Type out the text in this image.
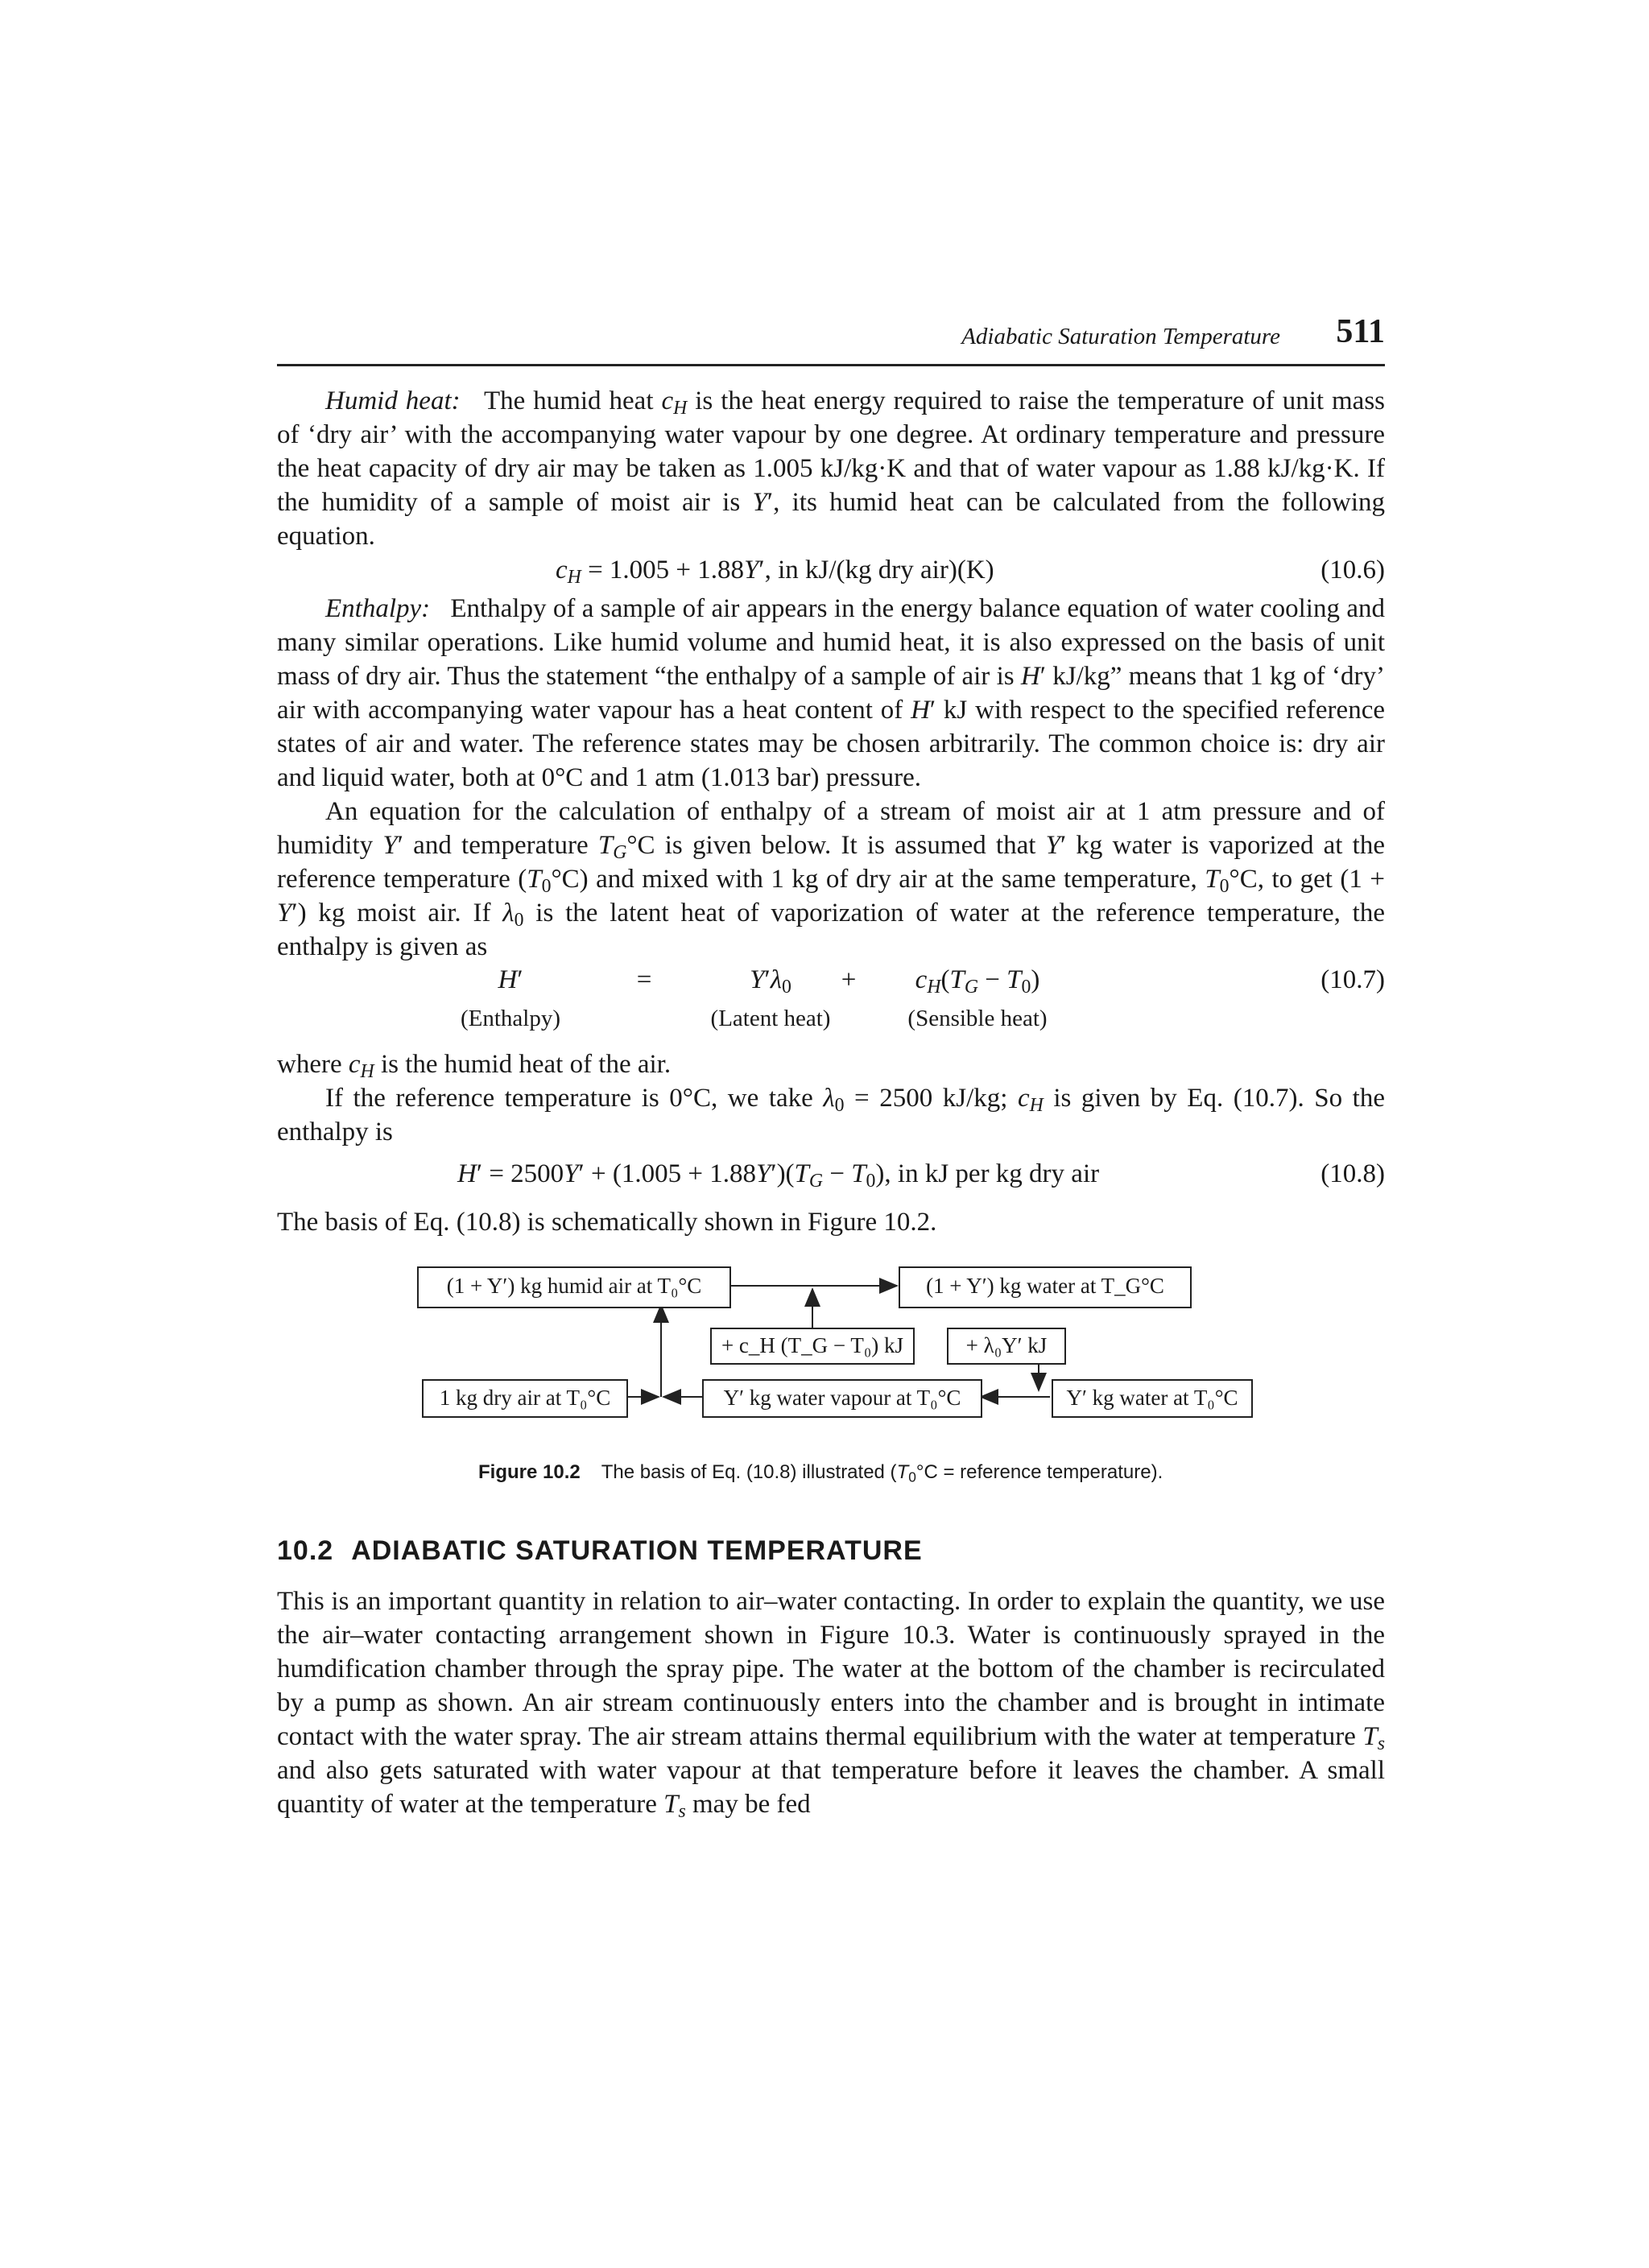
Adiabatic Saturation Temperature 511

Humid heat: The humid heat $c_H$ is the heat energy required to raise the temperature of unit mass of ‘dry air’ with the accompanying water vapour by one degree. At ordinary temperature and pressure the heat capacity of dry air may be taken as 1.005 kJ/kg·K and that of water vapour as 1.88 kJ/kg·K. If the humidity of a sample of moist air is Y′, its humid heat can be calculated from the following equation.

$c_H = 1.005 + 1.88Y'$, in kJ/(kg dry air)(K)	(10.6)

Enthalpy: Enthalpy of a sample of air appears in the energy balance equation of water cooling and many similar operations. Like humid volume and humid heat, it is also expressed on the basis of unit mass of dry air. Thus the statement “the enthalpy of a sample of air is H′ kJ/kg” means that 1 kg of ‘dry’ air with accompanying water vapour has a heat content of H′ kJ with respect to the specified reference states of air and water. The reference states may be chosen arbitrarily. The common choice is: dry air and liquid water, both at 0°C and 1 atm (1.013 bar) pressure.

An equation for the calculation of enthalpy of a stream of moist air at 1 atm pressure and of humidity Y′ and temperature $T_G^\circ C$ is given below. It is assumed that Y′ kg water is vaporized at the reference temperature $(T_0^\circ C)$ and mixed with 1 kg of dry air at the same temperature, $T_0^\circ C$, to get (1 + Y′) kg moist air. If $\lambda_0$ is the latent heat of vaporization of water at the reference temperature, the enthalpy is given as

H′	=	$Y'\lambda_0$	+	$c_H(T_G - T_0)$
(Enthalpy)	(Latent heat)	(Sensible heat)
(10.7)

where $c_H$ is the humid heat of the air.

If the reference temperature is 0°C, we take $\lambda_0 = 2500$ kJ/kg; $c_H$ is given by Eq. (10.7). So the enthalpy is

$H' = 2500Y' + (1.005 + 1.88Y')(T_G - T_0)$, in kJ per kg dry air	(10.8)

The basis of Eq. (10.8) is schematically shown in Figure 10.2.

(1 + Y′) kg humid air at T₀°C	(1 + Y′) kg water at T_G°C
+ c_H (T_G − T₀) kJ	+ λ₀Y′ kJ
1 kg dry air at T₀°C	Y′ kg water vapour at T₀°C	Y′ kg water at T₀°C
Figure 10.2 The basis of Eq. (10.8) illustrated ($T_0^\circ C$ = reference temperature).
10.2 ADIABATIC SATURATION TEMPERATURE

This is an important quantity in relation to air–water contacting. In order to explain the quantity, we use the air–water contacting arrangement shown in Figure 10.3. Water is continuously sprayed in the humdification chamber through the spray pipe. The water at the bottom of the chamber is recirculated by a pump as shown. An air stream continuously enters into the chamber and is brought in intimate contact with the water spray. The air stream attains thermal equilibrium with the water at temperature $T_s$ and also gets saturated with water vapour at that temperature before it leaves the chamber. A small quantity of water at the temperature $T_s$ may be fed
